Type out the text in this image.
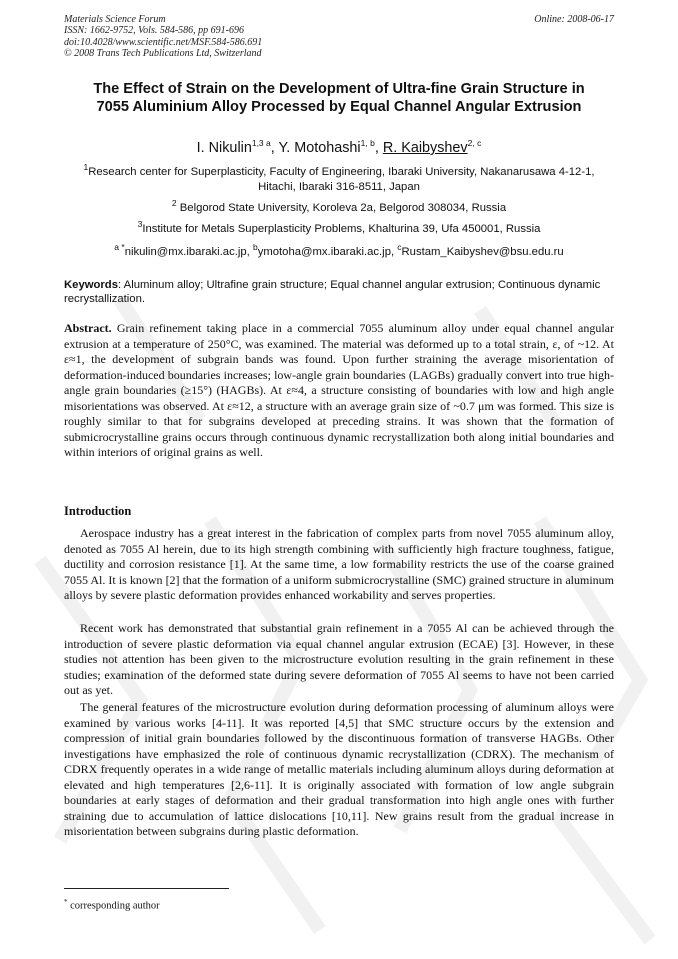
Materials Science Forum
ISSN: 1662-9752, Vols. 584-586, pp 691-696
doi:10.4028/www.scientific.net/MSF.584-586.691
© 2008 Trans Tech Publications Ltd, Switzerland
Online: 2008-06-17
The Effect of Strain on the Development of Ultra-fine Grain Structure in
7055 Aluminium Alloy Processed by Equal Channel Angular Extrusion
I. Nikulin$^{1,3 a}$, Y. Motohashi$^{1, b}$, R. Kaibyshev$^{2, c}$
$^1$Research center for Superplasticity, Faculty of Engineering, Ibaraki University, Nakanarusawa 4-12-1, Hitachi, Ibaraki 316-8511, Japan
$^2$ Belgorod State University, Koroleva 2a, Belgorod 308034, Russia
$^3$Institute for Metals Superplasticity Problems, Khalturina 39, Ufa 450001, Russia
$^{a *}$nikulin@mx.ibaraki.ac.jp, $^b$ymotoha@mx.ibaraki.ac.jp, $^c$Rustam_Kaibyshev@bsu.edu.ru
Keywords: Aluminum alloy; Ultrafine grain structure; Equal channel angular extrusion; Continuous dynamic recrystallization.

Abstract. Grain refinement taking place in a commercial 7055 aluminum alloy under equal channel angular extrusion at a temperature of 250°C, was examined. The material was deformed up to a total strain, ε, of ~12. At ε≈1, the development of subgrain bands was found. Upon further straining the average misorientation of deformation-induced boundaries increases; low-angle grain boundaries (LAGBs) gradually convert into true high-angle grain boundaries (≥15°) (HAGBs). At ε≈4, a structure consisting of boundaries with low and high angle misorientations was observed. At ε≈12, a structure with an average grain size of ~0.7 μm was formed. This size is roughly similar to that for subgrains developed at preceding strains. It was shown that the formation of submicrocrystalline grains occurs through continuous dynamic recrystallization both along initial boundaries and within interiors of original grains as well.

Introduction

Aerospace industry has a great interest in the fabrication of complex parts from novel 7055 aluminum alloy, denoted as 7055 Al herein, due to its high strength combining with sufficiently high fracture toughness, fatigue, ductility and corrosion resistance [1]. At the same time, a low formability restricts the use of the coarse grained 7055 Al. It is known [2] that the formation of a uniform submicrocrystalline (SMC) grained structure in aluminum alloys by severe plastic deformation provides enhanced workability and serves properties.

Recent work has demonstrated that substantial grain refinement in a 7055 Al can be achieved through the introduction of severe plastic deformation via equal channel angular extrusion (ECAE) [3]. However, in these studies not attention has been given to the microstructure evolution resulting in the grain refinement in these studies; examination of the deformed state during severe deformation of 7055 Al seems to have not been carried out as yet.

The general features of the microstructure evolution during deformation processing of aluminum alloys were examined by various works [4-11]. It was reported [4,5] that SMC structure occurs by the extension and compression of initial grain boundaries followed by the discontinuous formation of transverse HAGBs. Other investigations have emphasized the role of continuous dynamic recrystallization (CDRX). The mechanism of CDRX frequently operates in a wide range of metallic materials including aluminum alloys during deformation at elevated and high temperatures [2,6-11]. It is originally associated with formation of low angle subgrain boundaries at early stages of deformation and their gradual transformation into high angle ones with further straining due to accumulation of lattice dislocations [10,11]. New grains result from the gradual increase in misorientation between subgrains during plastic deformation.

* corresponding author
